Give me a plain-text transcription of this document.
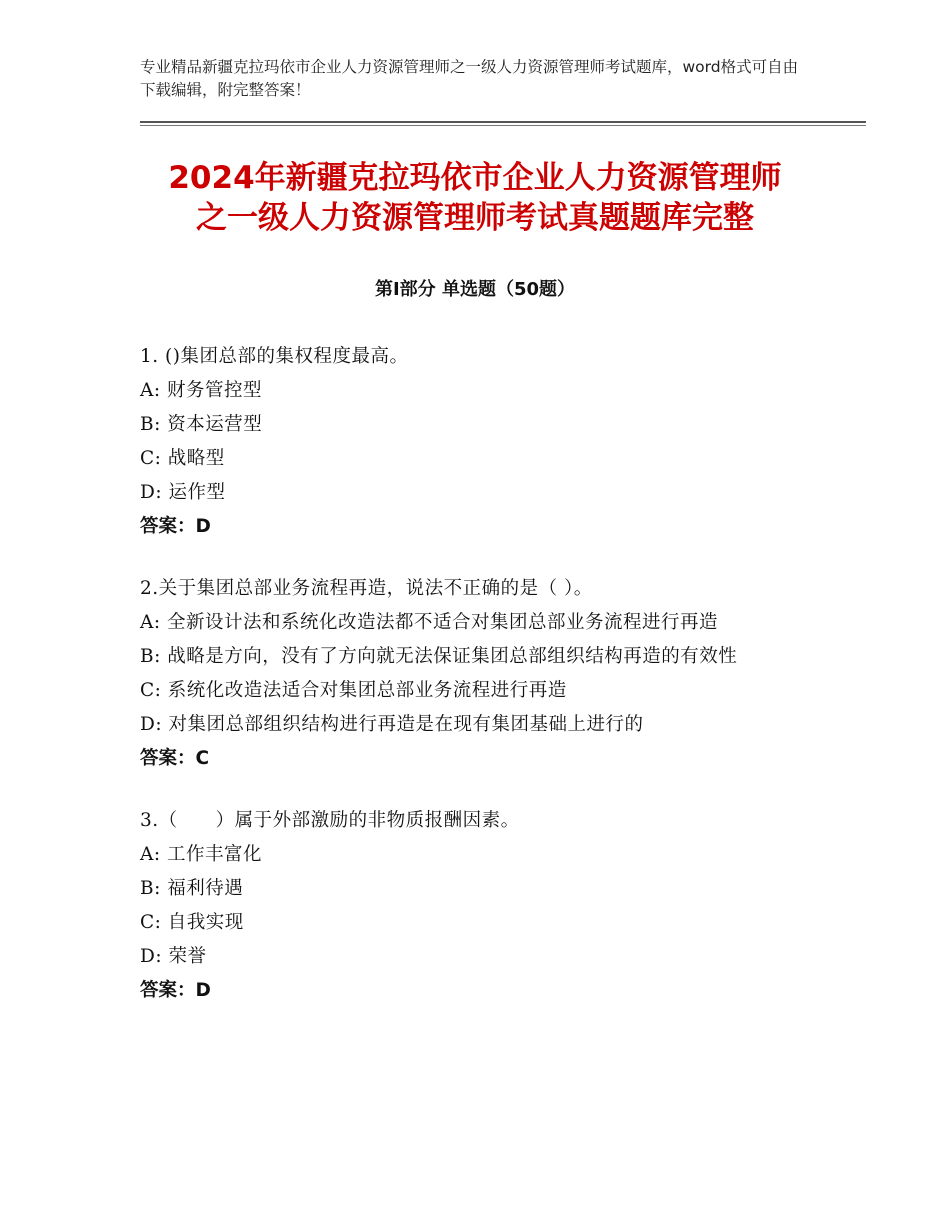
专业精品新疆克拉玛依市企业人力资源管理师之一级人力资源管理师考试题库，word格式可自由下载编辑，附完整答案！
2024年新疆克拉玛依市企业人力资源管理师
之一级人力资源管理师考试真题题库完整
第Ⅰ部分 单选题（50题）
1. ()集团总部的集权程度最高。
A: 财务管控型
B: 资本运营型
C: 战略型
D: 运作型
答案：D
2.关于集团总部业务流程再造，说法不正确的是（ ）。
A: 全新设计法和系统化改造法都不适合对集团总部业务流程进行再造
B: 战略是方向，没有了方向就无法保证集团总部组织结构再造的有效性
C: 系统化改造法适合对集团总部业务流程进行再造
D: 对集团总部组织结构进行再造是在现有集团基础上进行的
答案：C
3.（　　）属于外部激励的非物质报酬因素。
A: 工作丰富化
B: 福利待遇
C: 自我实现
D: 荣誉
答案：D
